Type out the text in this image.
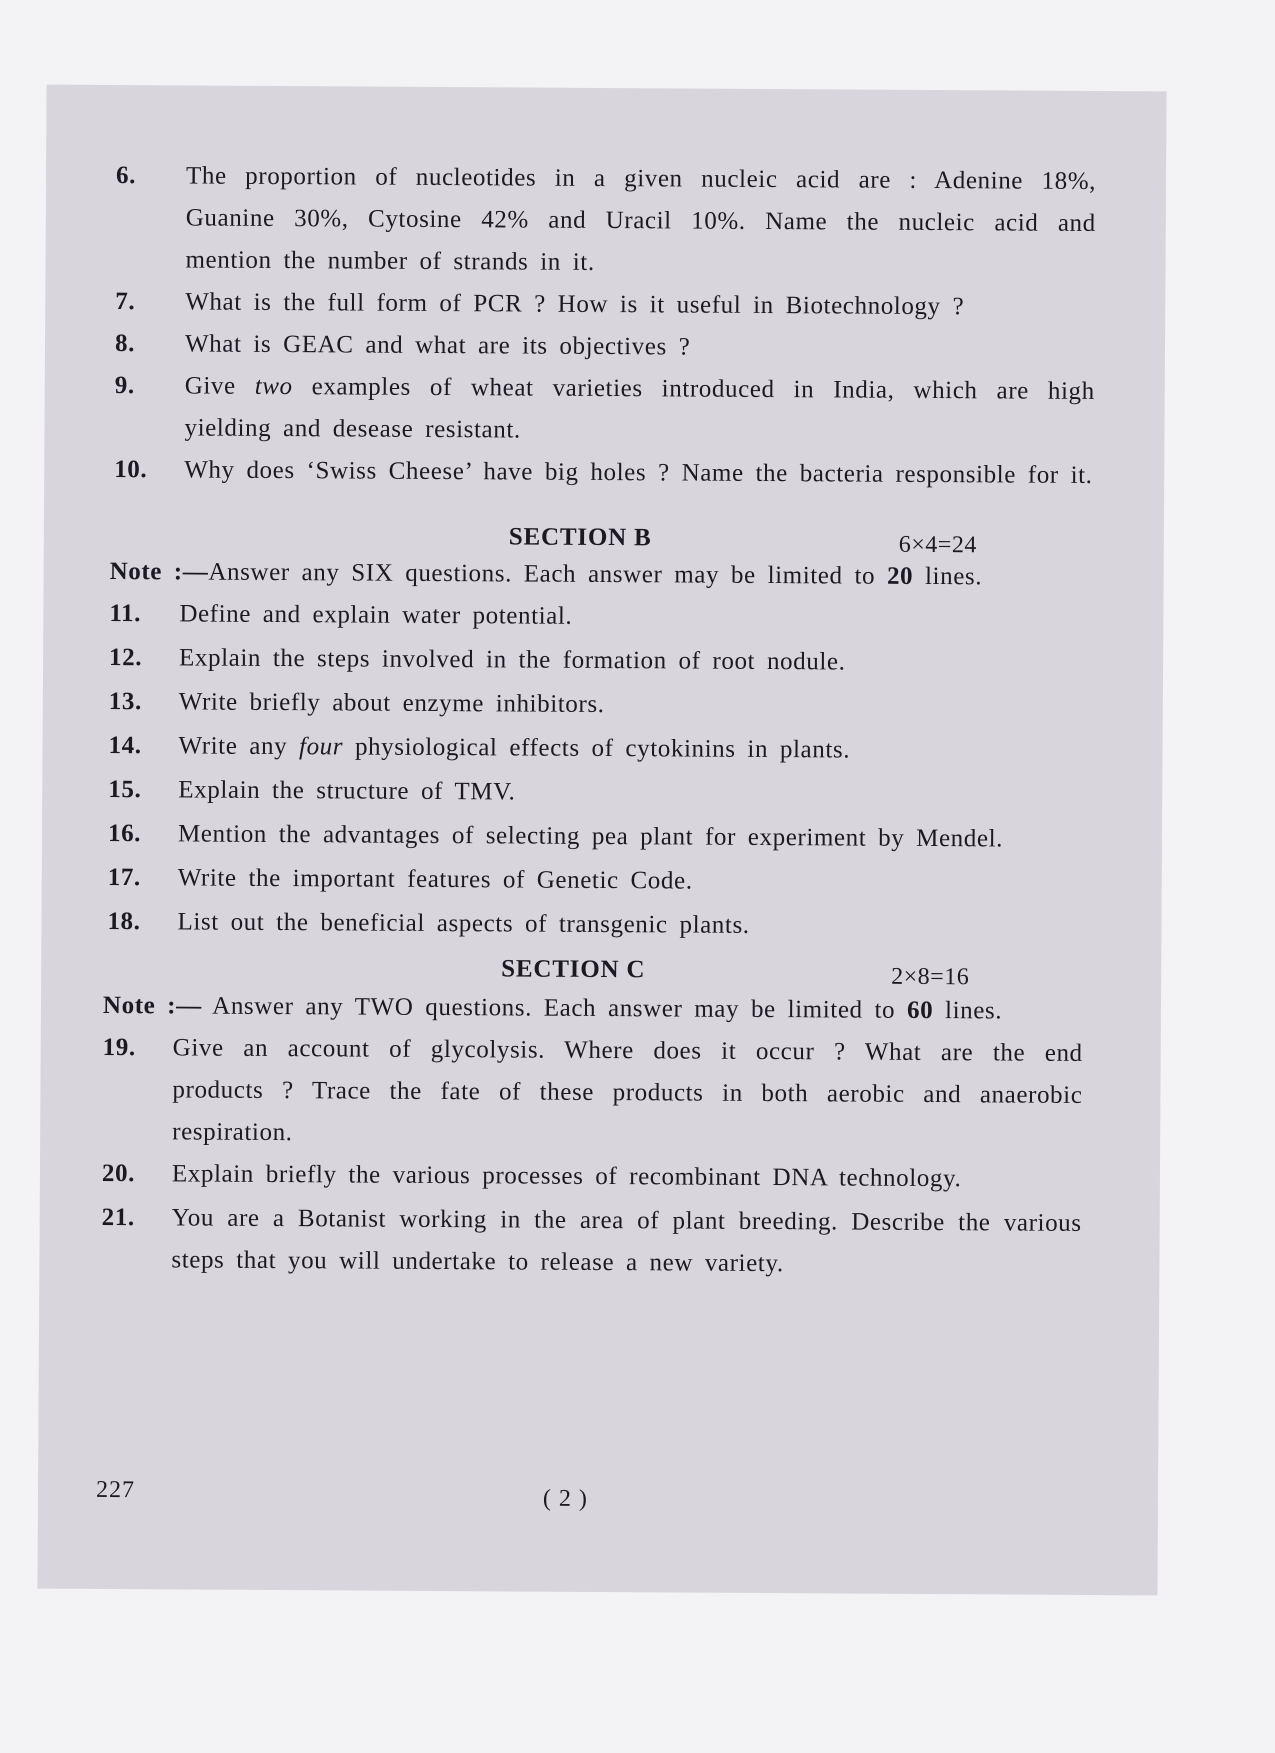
6.	The proportion of nucleotides in a given nucleic acid are : Adenine 18%, Guanine 30%, Cytosine 42% and Uracil 10%. Name the nucleic acid and mention the number of strands in it.
7.	What is the full form of PCR ? How is it useful in Biotechnology ?
8.	What is GEAC and what are its objectives ?
9.	Give two examples of wheat varieties introduced in India, which are high yielding and desease resistant.
10.	Why does ‘Swiss Cheese’ have big holes ? Name the bacteria responsible for it.
SECTION B	6×4=24
Note :—Answer any SIX questions. Each answer may be limited to 20 lines.
11.	Define and explain water potential.
12.	Explain the steps involved in the formation of root nodule.
13.	Write briefly about enzyme inhibitors.
14.	Write any four physiological effects of cytokinins in plants.
15.	Explain the structure of TMV.
16.	Mention the advantages of selecting pea plant for experiment by Mendel.
17.	Write the important features of Genetic Code.
18.	List out the beneficial aspects of transgenic plants.
SECTION C	2×8=16
Note :— Answer any TWO questions. Each answer may be limited to 60 lines.
19.	Give an account of glycolysis. Where does it occur ? What are the end products ? Trace the fate of these products in both aerobic and anaerobic respiration.
20.	Explain briefly the various processes of recombinant DNA technology.
21.	You are a Botanist working in the area of plant breeding. Describe the various steps that you will undertake to release a new variety.
227	( 2 )
